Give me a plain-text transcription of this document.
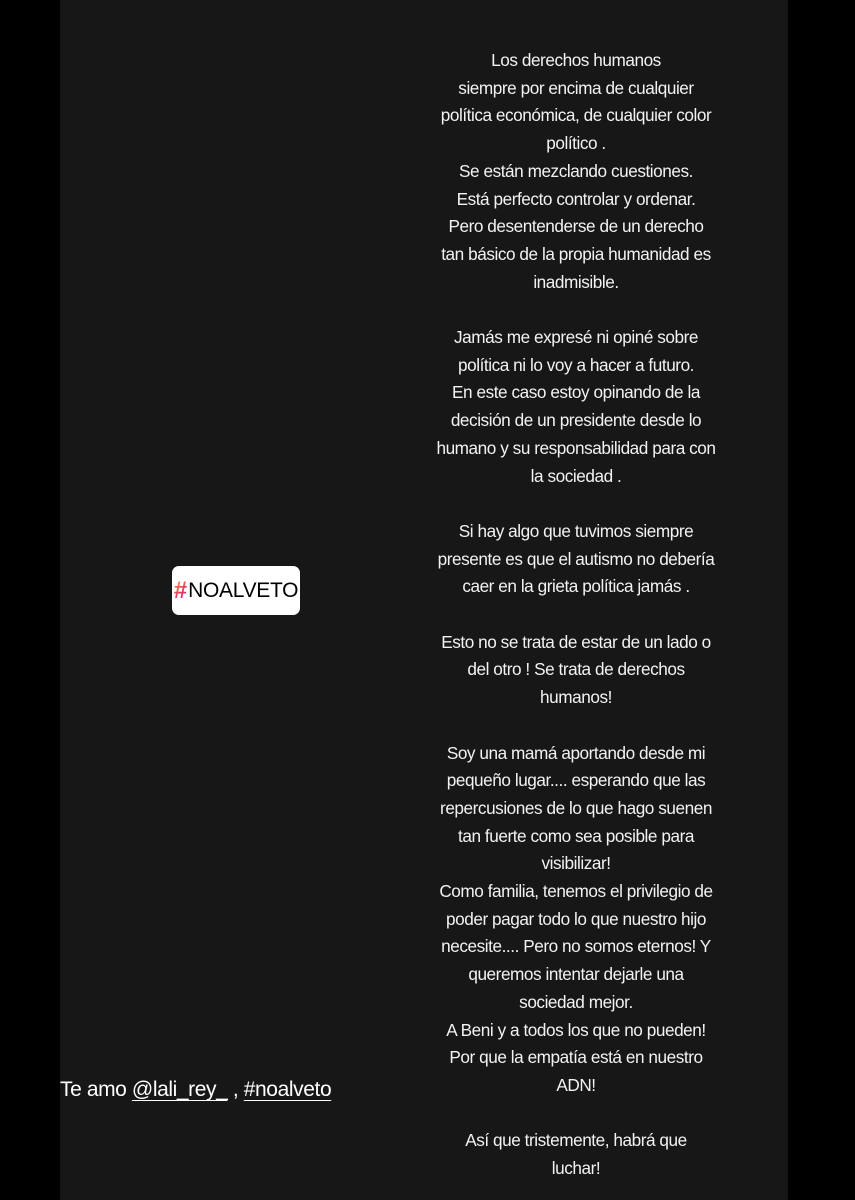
# NOALVETO
Los derechos humanos
siempre por encima de cualquier
política económica, de cualquier color
político .
Se están mezclando cuestiones.
Está perfecto controlar y ordenar.
Pero desentenderse de un derecho
tan básico de la propia humanidad es
inadmisible.
Jamás me expresé ni opiné sobre
política ni lo voy a hacer a futuro.
En este caso estoy opinando de la
decisión de un presidente desde lo
humano y su responsabilidad para con
la sociedad .
Si hay algo que tuvimos siempre
presente es que el autismo no debería
caer en la grieta política jamás .
Esto no se trata de estar de un lado o
del otro ! Se trata de derechos
humanos!
Soy una mamá aportando desde mi
pequeño lugar.... esperando que las
repercusiones de lo que hago suenen
tan fuerte como sea posible para
visibilizar!
Como familia, tenemos el privilegio de
poder pagar todo lo que nuestro hijo
necesite.... Pero no somos eternos! Y
queremos intentar dejarle una
sociedad mejor.
A Beni y a todos los que no pueden!
Por que la empatía está en nuestro
ADN!
Así que tristemente, habrá que
luchar!
Te amo @lali_rey_ , #noalveto
